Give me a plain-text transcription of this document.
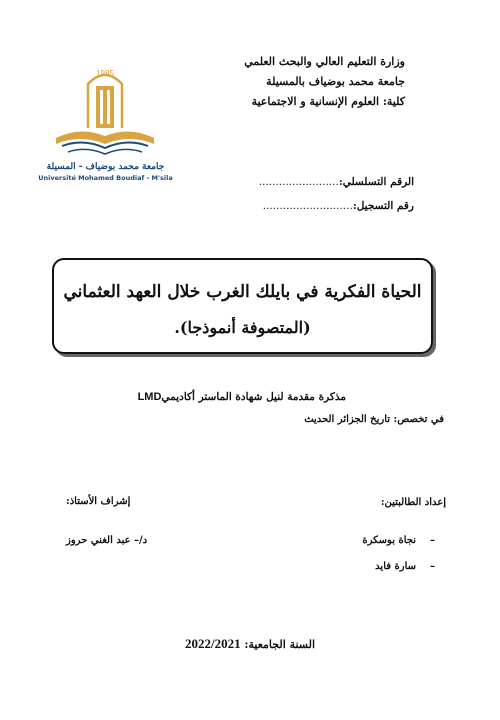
وزارة التعليم العالي والبحث العلمي
جامعة محمد بوضياف بالمسيلة
كلية: العلوم الإنسانية و الاجتماعية
1985
جامعة محمد بوضياف - المسيلة
Université Mohamed Boudiaf - M'sila	الرقم التسلسلي:........................
رقم التسجيل:...........................
الحياة الفكرية في بايلك الغرب خلال العهد العثماني
(المتصوفة أنموذجا).
مذكرة مقدمة لنيل شهادة الماستر أكاديميLMD
في تخصص: تاريخ الجزائر الحديث
إعداد الطالبتين:
إشراف الأستاذ:
–نجاة بوسكرة
–سارة فايد
د/– عبد الغني حروز
السنة الجامعية: 2022/2021
